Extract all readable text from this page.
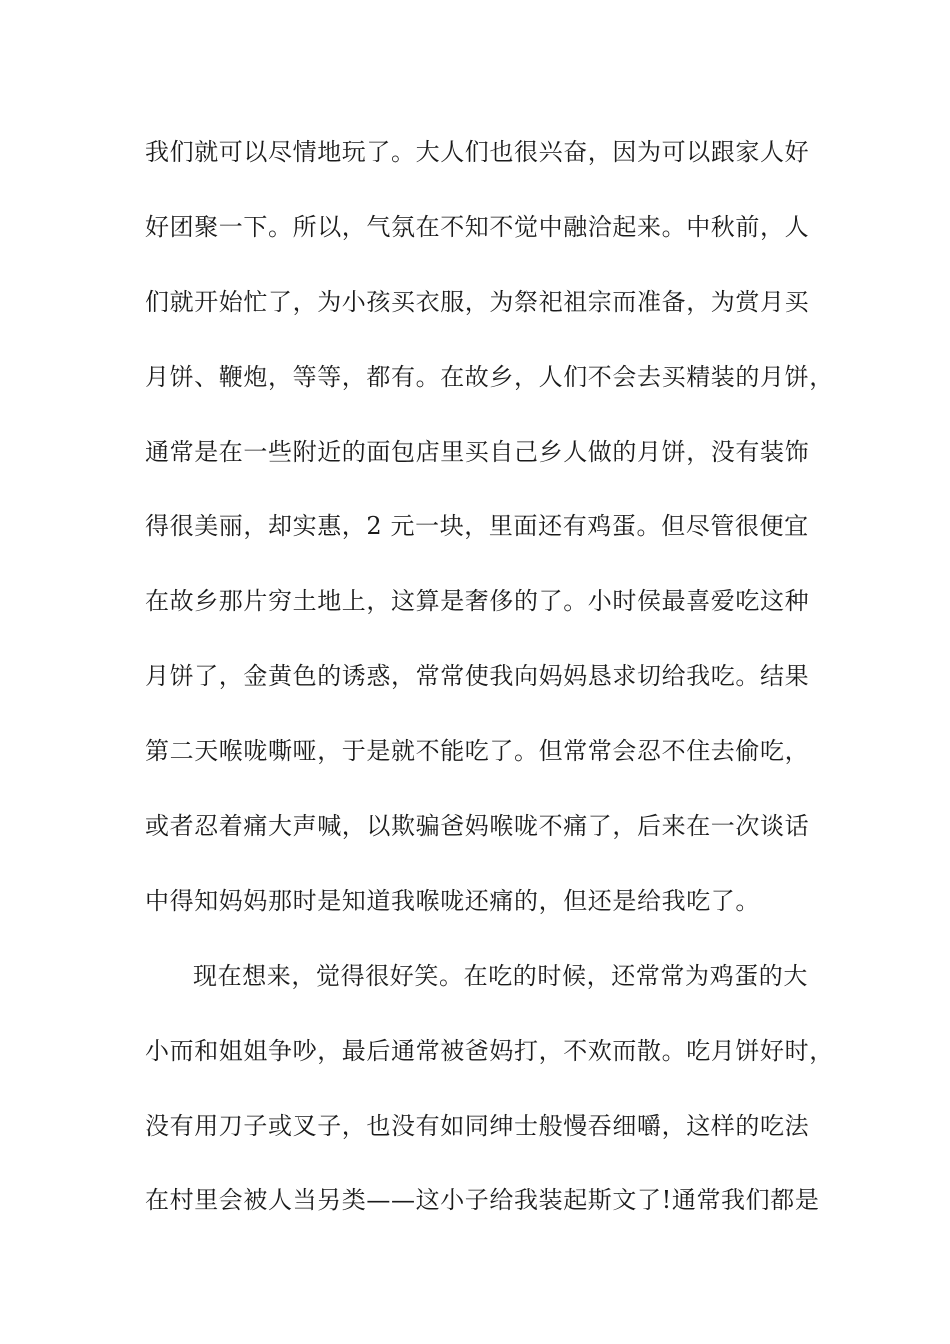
我们就可以尽情地玩了。大人们也很兴奋，因为可以跟家人好
好团聚一下。所以，气氛在不知不觉中融洽起来。中秋前，人
们就开始忙了，为小孩买衣服，为祭祀祖宗而准备，为赏月买
月饼、鞭炮，等等，都有。在故乡，人们不会去买精装的月饼，
通常是在一些附近的面包店里买自己乡人做的月饼，没有装饰
得很美丽，却实惠，2 元一块，里面还有鸡蛋。但尽管很便宜
在故乡那片穷土地上，这算是奢侈的了。小时侯最喜爱吃这种
月饼了，金黄色的诱惑，常常使我向妈妈恳求切给我吃。结果
第二天喉咙嘶哑，于是就不能吃了。但常常会忍不住去偷吃，
或者忍着痛大声喊，以欺骗爸妈喉咙不痛了，后来在一次谈话
中得知妈妈那时是知道我喉咙还痛的，但还是给我吃了。
现在想来，觉得很好笑。在吃的时候，还常常为鸡蛋的大
小而和姐姐争吵，最后通常被爸妈打，不欢而散。吃月饼好时，
没有用刀子或叉子，也没有如同绅士般慢吞细嚼，这样的吃法
在村里会被人当另类——这小子给我装起斯文了!通常我们都是
